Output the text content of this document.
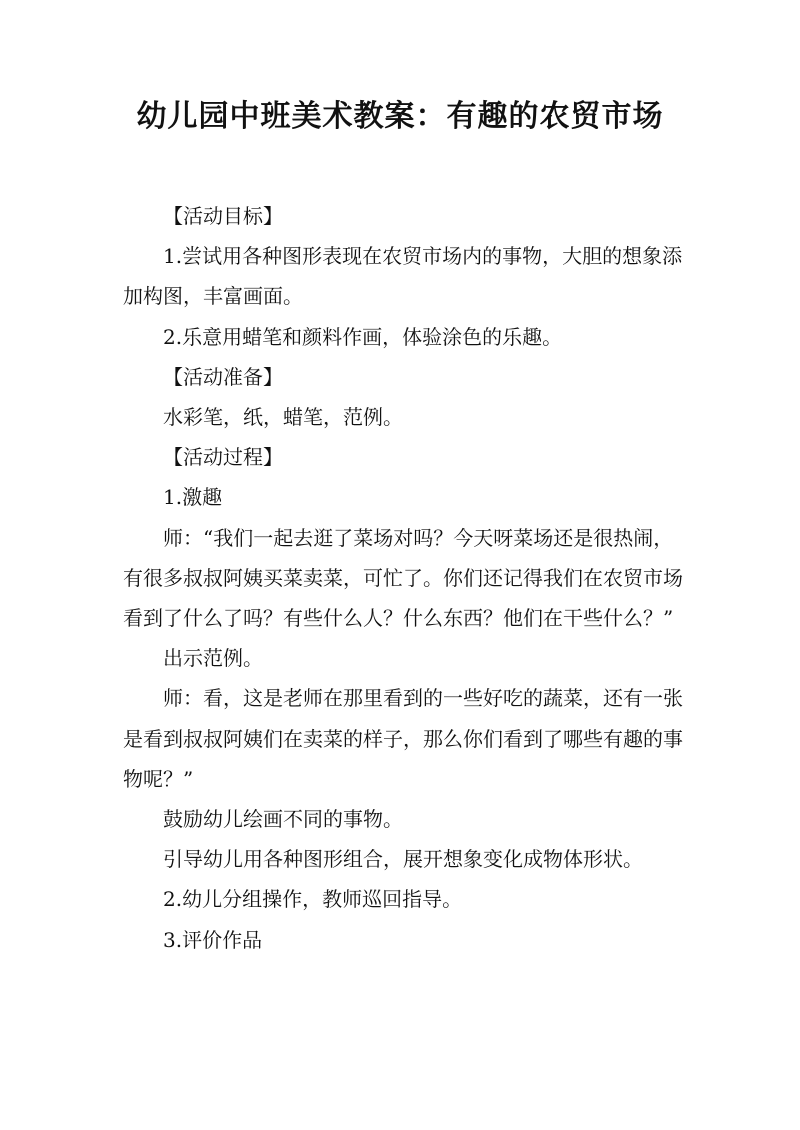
幼儿园中班美术教案：有趣的农贸市场

【活动目标】

1.尝试用各种图形表现在农贸市场内的事物，大胆的想象添加构图，丰富画面。

2.乐意用蜡笔和颜料作画，体验涂色的乐趣。

【活动准备】

水彩笔，纸，蜡笔，范例。

【活动过程】

1.激趣

师：“我们一起去逛了菜场对吗？今天呀菜场还是很热闹，有很多叔叔阿姨买菜卖菜，可忙了。你们还记得我们在农贸市场看到了什么了吗？有些什么人？什么东西？他们在干些什么？”

出示范例。

师：看，这是老师在那里看到的一些好吃的蔬菜，还有一张是看到叔叔阿姨们在卖菜的样子，那么你们看到了哪些有趣的事物呢？”

鼓励幼儿绘画不同的事物。

引导幼儿用各种图形组合，展开想象变化成物体形状。

2.幼儿分组操作，教师巡回指导。

3.评价作品
